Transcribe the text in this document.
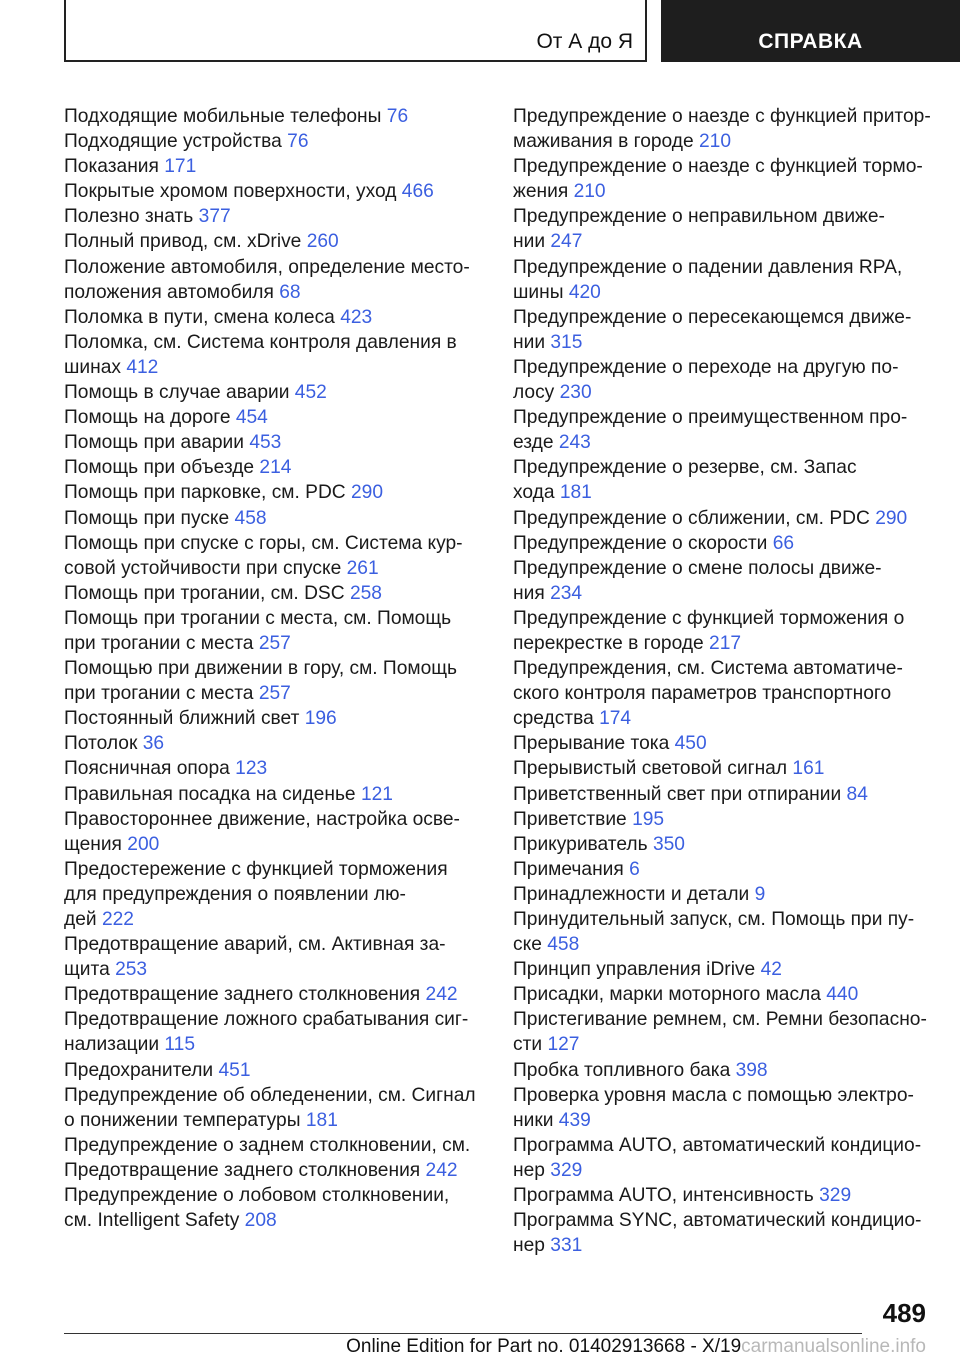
От А до Я	СПРАВКА

Подходящие мобильные телефоны 76

Подходящие устройства 76

Показания 171

Покрытые хромом поверхности, уход 466

Полезно знать 377

Полный привод, см. xDrive 260

Положение автомобиля, определение место-
положения автомобиля 68

Поломка в пути, смена колеса 423

Поломка, см. Система контроля давления в
шинах 412

Помощь в случае аварии 452

Помощь на дороге 454

Помощь при аварии 453

Помощь при объезде 214

Помощь при парковке, см. PDC 290

Помощь при пуске 458

Помощь при спуске с горы, см. Система кур-
совой устойчивости при спуске 261

Помощь при трогании, см. DSC 258

Помощь при трогании с места, см. Помощь
при трогании с места 257

Помощью при движении в гору, см. Помощь
при трогании с места 257

Постоянный ближний свет 196

Потолок 36

Поясничная опора 123

Правильная посадка на сиденье 121

Правостороннее движение, настройка осве-
щения 200

Предостережение с функцией торможения
для предупреждения о появлении лю-
дей 222

Предотвращение аварий, см. Активная за-
щита 253

Предотвращение заднего столкновения 242

Предотвращение ложного срабатывания сиг-
нализации 115

Предохранители 451

Предупреждение об обледенении, см. Сигнал
о понижении температуры 181

Предупреждение о заднем столкновении, см.
Предотвращение заднего столкновения 242

Предупреждение о лобовом столкновении,
см. Intelligent Safety 208

Предупреждение о наезде с функцией притор-
маживания в городе 210

Предупреждение о наезде с функцией тормо-
жения 210

Предупреждение о неправильном движе-
нии 247

Предупреждение о падении давления RPA,
шины 420

Предупреждение о пересекающемся движе-
нии 315

Предупреждение о переходе на другую по-
лосу 230

Предупреждение о преимущественном про-
езде 243

Предупреждение о резерве, см. Запас
хода 181

Предупреждение о сближении, см. PDC 290

Предупреждение о скорости 66

Предупреждение о смене полосы движе-
ния 234

Предупреждение с функцией торможения о
перекрестке в городе 217

Предупреждения, см. Система автоматиче-
ского контроля параметров транспортного
средства 174

Прерывание тока 450

Прерывистый световой сигнал 161

Приветственный свет при отпирании 84

Приветствие 195

Прикуриватель 350

Примечания 6

Принадлежности и детали 9

Принудительный запуск, см. Помощь при пу-
ске 458

Принцип управления iDrive 42

Присадки, марки моторного масла 440

Пристегивание ремнем, см. Ремни безопасно-
сти 127

Пробка топливного бака 398

Проверка уровня масла с помощью электро-
ники 439

Программа AUTO, автоматический кондицио-
нер 329

Программа AUTO, интенсивность 329

Программа SYNC, автоматический кондицио-
нер 331

489
Online Edition for Part no. 01402913668 - X/19carmanualsonline.info
